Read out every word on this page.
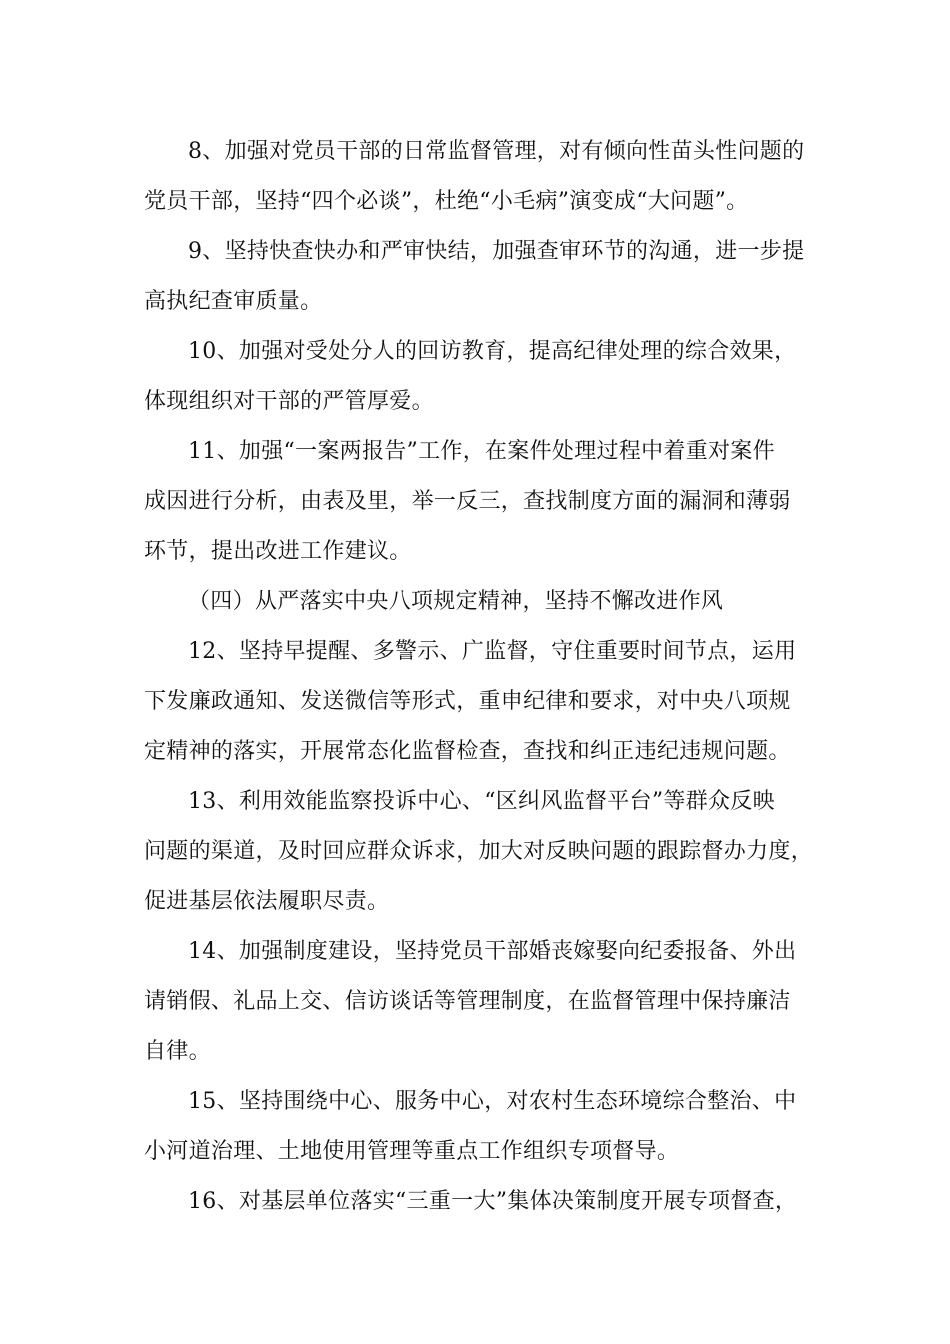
8、加强对党员干部的日常监督管理，对有倾向性苗头性问题的
党员干部，坚持“四个必谈”，杜绝“小毛病”演变成“大问题”。
9、坚持快查快办和严审快结，加强查审环节的沟通，进一步提
高执纪查审质量。
10、加强对受处分人的回访教育，提高纪律处理的综合效果，
体现组织对干部的严管厚爱。
11、加强“一案两报告”工作，在案件处理过程中着重对案件
成因进行分析，由表及里，举一反三，查找制度方面的漏洞和薄弱
环节，提出改进工作建议。
（四）从严落实中央八项规定精神，坚持不懈改进作风
12、坚持早提醒、多警示、广监督，守住重要时间节点，运用
下发廉政通知、发送微信等形式，重申纪律和要求，对中央八项规
定精神的落实，开展常态化监督检查，查找和纠正违纪违规问题。
13、利用效能监察投诉中心、“区纠风监督平台”等群众反映
问题的渠道，及时回应群众诉求，加大对反映问题的跟踪督办力度，
促进基层依法履职尽责。
14、加强制度建设，坚持党员干部婚丧嫁娶向纪委报备、外出
请销假、礼品上交、信访谈话等管理制度，在监督管理中保持廉洁
自律。
15、坚持围绕中心、服务中心，对农村生态环境综合整治、中
小河道治理、土地使用管理等重点工作组织专项督导。
16、对基层单位落实“三重一大”集体决策制度开展专项督查，
